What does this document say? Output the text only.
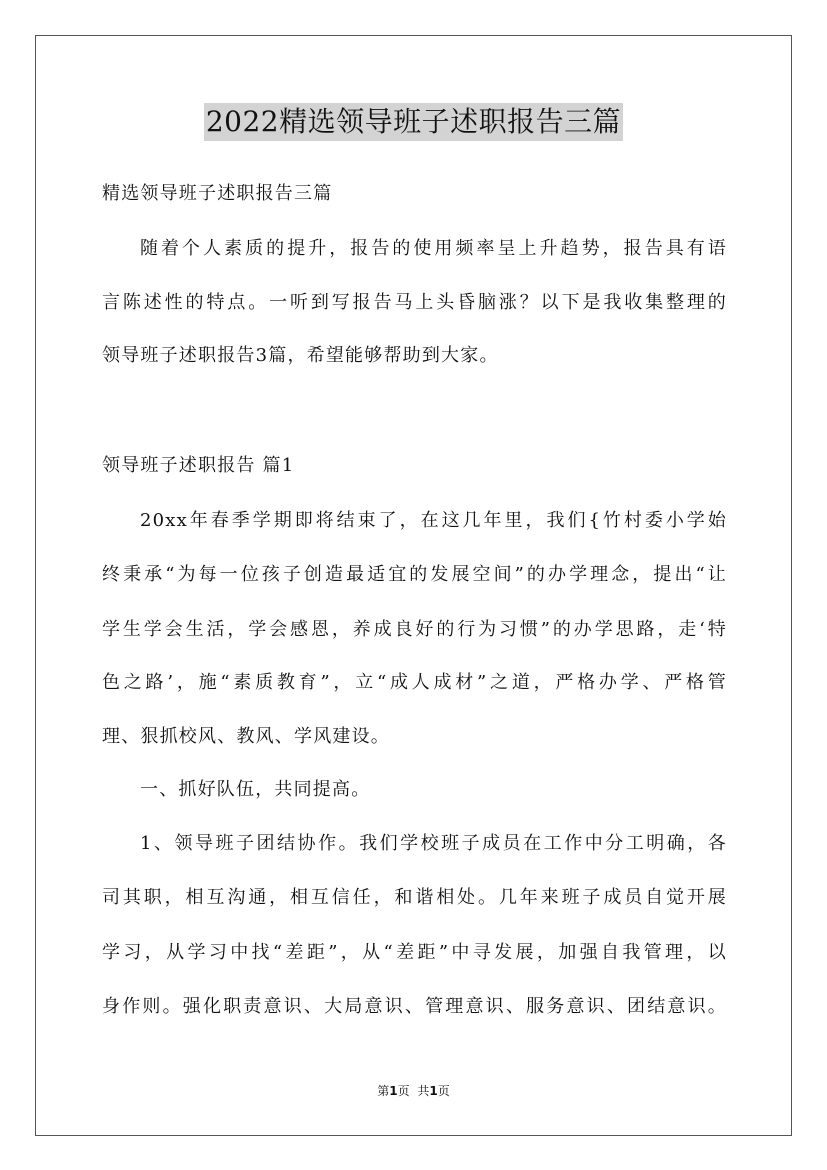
2022精选领导班子述职报告三篇
精选领导班子述职报告三篇
随着个人素质的提升，报告的使用频率呈上升趋势，报告具有语
言陈述性的特点。一听到写报告马上头昏脑涨？以下是我收集整理的
领导班子述职报告3篇，希望能够帮助到大家。
领导班子述职报告 篇1
20xx年春季学期即将结束了，在这几年里，我们{竹村委小学始
终秉承“为每一位孩子创造最适宜的发展空间”的办学理念，提出“让
学生学会生活，学会感恩，养成良好的行为习惯”的办学思路，走‘特
色之路’，施“素质教育”，立“成人成材”之道，严格办学、严格管
理、狠抓校风、教风、学风建设。
一、抓好队伍，共同提高。
1、领导班子团结协作。我们学校班子成员在工作中分工明确，各
司其职，相互沟通，相互信任，和谐相处。几年来班子成员自觉开展
学习，从学习中找“差距”，从“差距”中寻发展，加强自我管理，以
身作则。强化职责意识、大局意识、管理意识、服务意识、团结意识。
第1页 共1页
